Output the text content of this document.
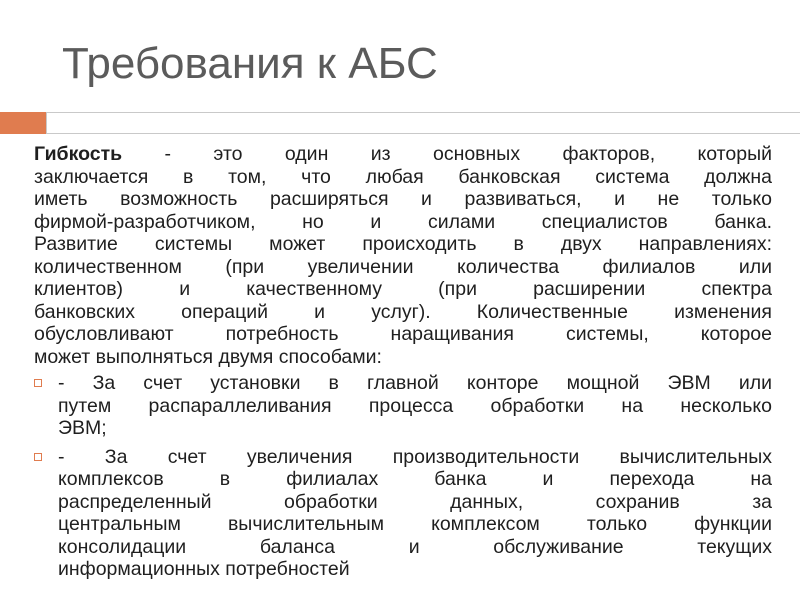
Требования к АБС
Гибкость - это один из основных факторов, который
заключается в том, что любая банковская система должна
иметь возможность расширяться и развиваться, и не только
фирмой-разработчиком, но и силами специалистов банка.
Развитие системы может происходить в двух направлениях:
количественном (при увеличении количества филиалов или
клиентов) и качественному (при расширении спектра
банковских операций и услуг). Количественные изменения
обусловливают потребность наращивания системы, которое
может выполняться двумя способами:
- За счет установки в главной конторе мощной ЭВМ или
путем распараллеливания процесса обработки на несколько
ЭВМ;
- За счет увеличения производительности вычислительных
комплексов в филиалах банка и перехода на
распределенный обработки данных, сохранив за
центральным вычислительным комплексом только функции
консолидации баланса и обслуживание текущих
информационных потребностей
